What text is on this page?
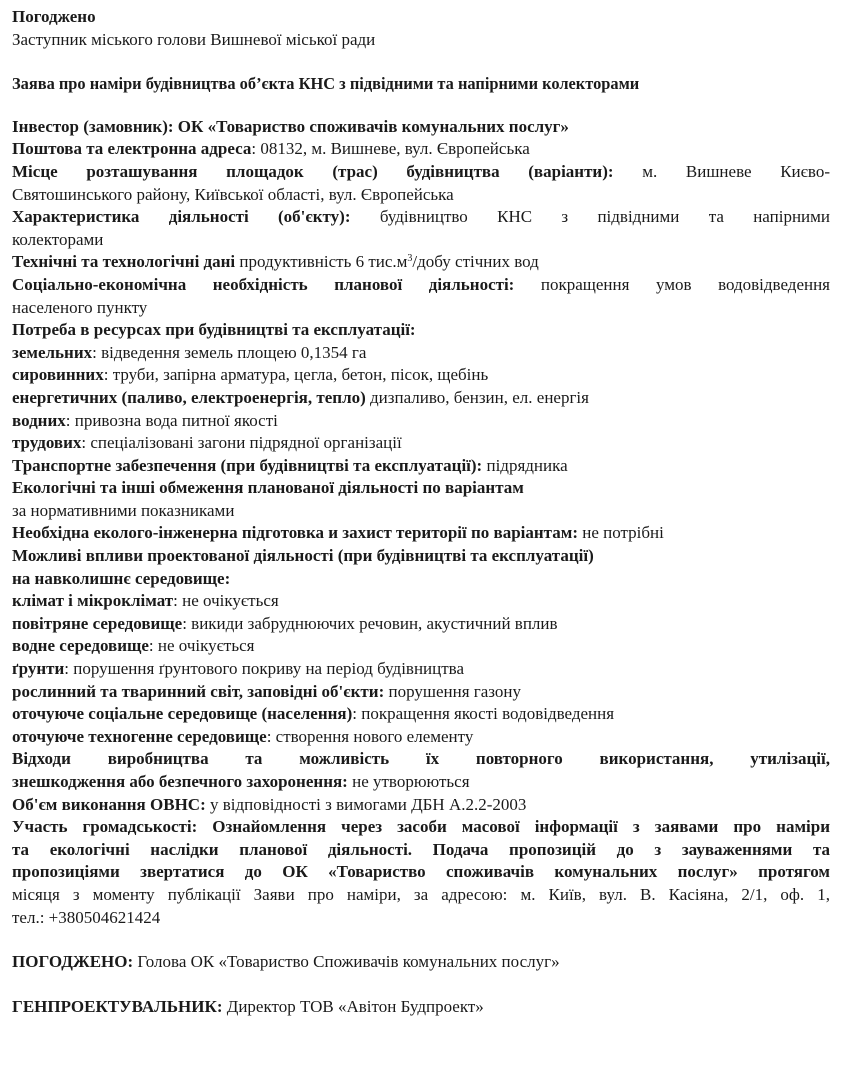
Погоджено
Заступник міського голови Вишневої міської ради
Заява про наміри будівництва об’єкта КНС з підвідними та напірними колекторами
Інвестор (замовник): ОК «Товариство споживачів комунальних послуг»
Поштова та електронна адреса: 08132, м. Вишневе, вул. Європейська
Місце розташування площадок (трас) будівництва (варіанти): м. Вишневе Києво-
Святошинського району, Київської області, вул. Європейська
Характеристика діяльності (об'єкту): будівництво КНС з підвідними та напірними
колекторами
Технічні та технологічні дані продуктивність 6 $тис.м^3$/добу стічних вод
Соціально-економічна необхідність планової діяльності: покращення умов водовідведення
населеного пункту
Потреба в ресурсах при будівництві та експлуатації:
земельних: відведення земель площею 0,1354 га
сировинних: труби, запірна арматура, цегла, бетон, пісок, щебінь
енергетичних (паливо, електроенергія, тепло) дизпаливо, бензин, ел. енергія
водних: привозна вода питної якості
трудових: спеціалізовані загони підрядної організації
Транспортне забезпечення (при будівництві та експлуатації): підрядника
Екологічні та інші обмеження планованої діяльності по варіантам
за нормативними показниками
Необхідна еколого-інженерна підготовка и захист території по варіантам: не потрібні
Можливі впливи проектованої діяльності (при будівництві та експлуатації)
на навколишнє середовище:
клімат і мікроклімат: не очікується
повітряне середовище: викиди забруднюючих речовин, акустичний вплив
водне середовище: не очікується
ґрунти: порушення ґрунтового покриву на період будівництва
рослинний та тваринний світ, заповідні об'єкти: порушення газону
оточуюче соціальне середовище (населення): покращення якості водовідведення
оточуюче техногенне середовище: створення нового елементу
Відходи виробництва та можливість їх повторного використання, утилізації,
знешкодження або безпечного захоронення: не утворюються
Об'єм виконання ОВНС: у відповідності з вимогами ДБН А.2.2-2003
Участь громадськості: Ознайомлення через засоби масової інформації з заявами про наміри
та екологічні наслідки планової діяльності. Подача пропозицій до з зауваженнями та
пропозиціями звертатися до ОК «Товариство споживачів комунальних послуг» протягом
місяця з моменту публікації Заяви про наміри, за адресою: м. Київ, вул. В. Касіяна, 2/1, оф. 1,
тел.: +380504621424
ПОГОДЖЕНО: Голова ОК «Товариство Споживачів комунальних послуг»
ГЕНПРОЕКТУВАЛЬНИК: Директор ТОВ «Авітон Будпроект»
